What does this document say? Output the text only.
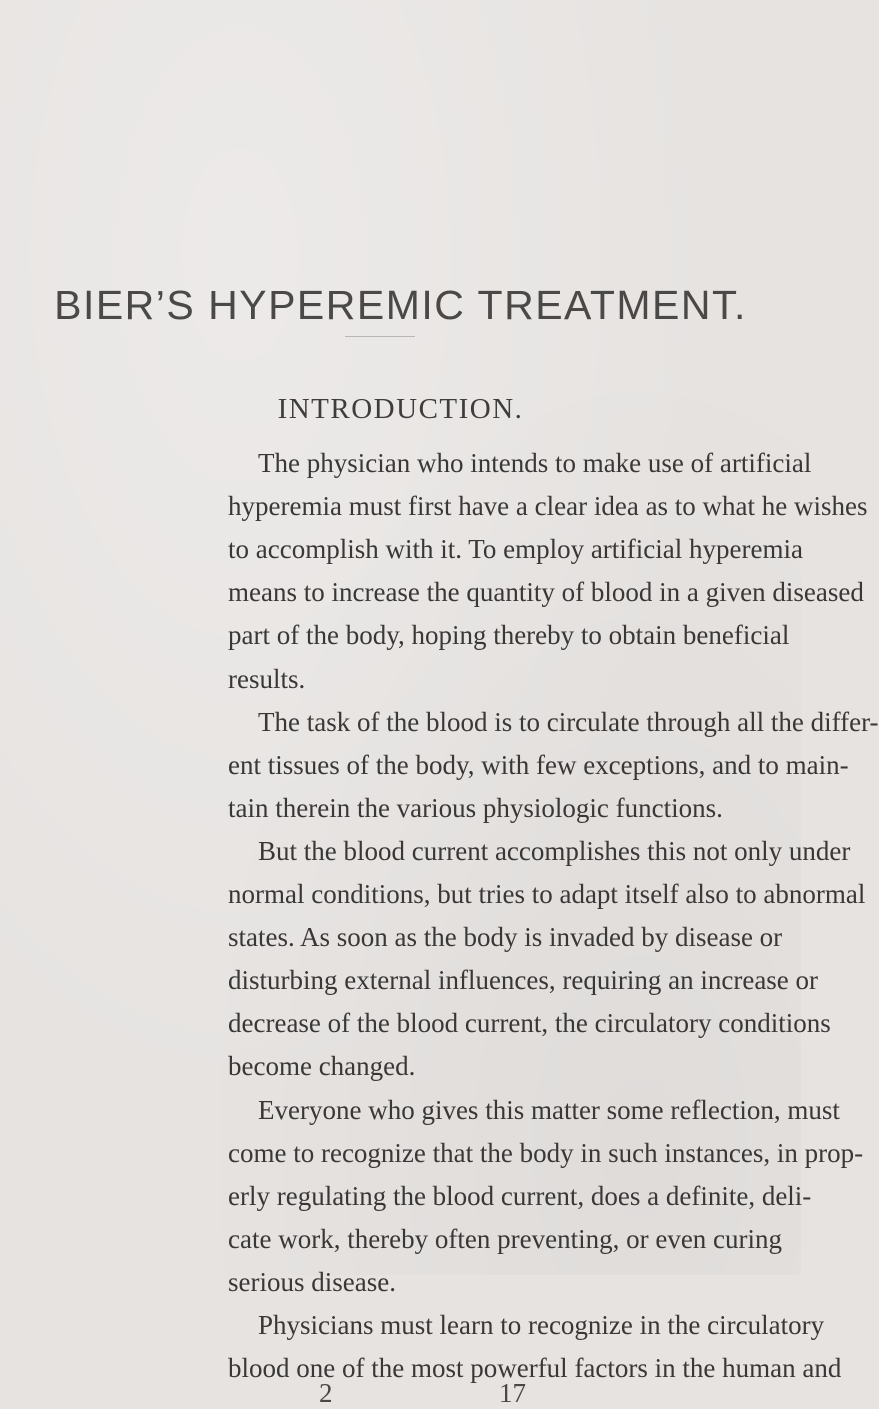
BIER’S HYPEREMIC TREATMENT.
INTRODUCTION.
The physician who intends to make use of artificial
hyperemia must first have a clear idea as to what he wishes
to accomplish with it. To employ artificial hyperemia
means to increase the quantity of blood in a given diseased
part of the body, hoping thereby to obtain beneficial
results.
The task of the blood is to circulate through all the differ-
ent tissues of the body, with few exceptions, and to main-
tain therein the various physiologic functions.
But the blood current accomplishes this not only under
normal conditions, but tries to adapt itself also to abnormal
states. As soon as the body is invaded by disease or
disturbing external influences, requiring an increase or
decrease of the blood current, the circulatory conditions
become changed.
Everyone who gives this matter some reflection, must
come to recognize that the body in such instances, in prop-
erly regulating the blood current, does a definite, deli-
cate work, thereby often preventing, or even curing
serious disease.
Physicians must learn to recognize in the circulatory
blood one of the most powerful factors in the human and
2	17
